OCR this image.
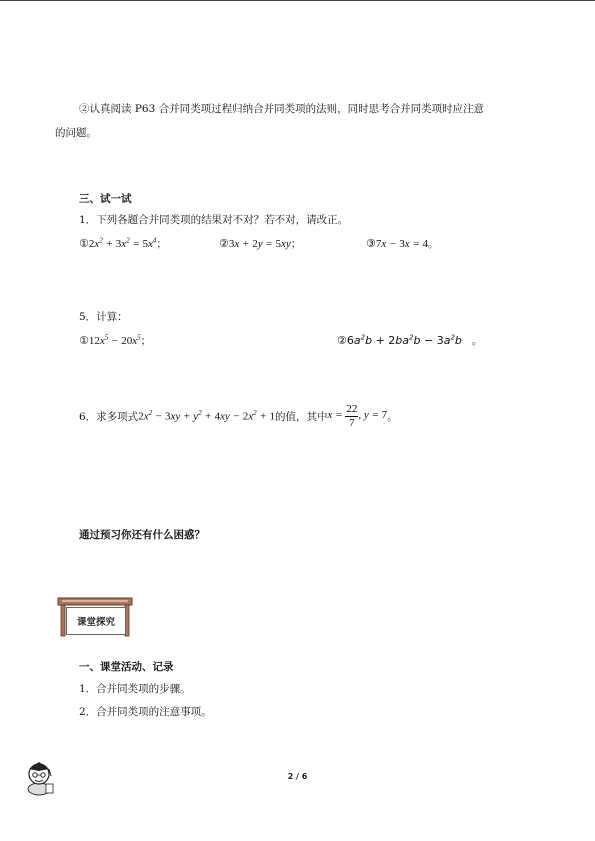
②认真阅读 P63 合并同类项过程归纳合并同类项的法则，同时思考合并同类项时应注意
的问题。
三、试一试
1．下列各题合并同类项的结果对不对？若不对，请改正。
$①2x^2 + 3x^2 = 5x^4$；	②3x + 2y = 5xy；	③7x − 3x = 4。
5．计算：
$①12x^5 - 20x^5$；	$②6a^2b + 2ba^2b - 3a^2b$ 。
6．求多项式 $2x^2 - 3xy + y^2 + 4xy - 2x^2 + 1$ 的值，其中 $x = \frac{22}{7}$ , y = 7 。
通过预习你还有什么困惑？
课堂探究
一、课堂活动、记录
1．合并同类项的步骤。
2．合并同类项的注意事项。
2 / 6
